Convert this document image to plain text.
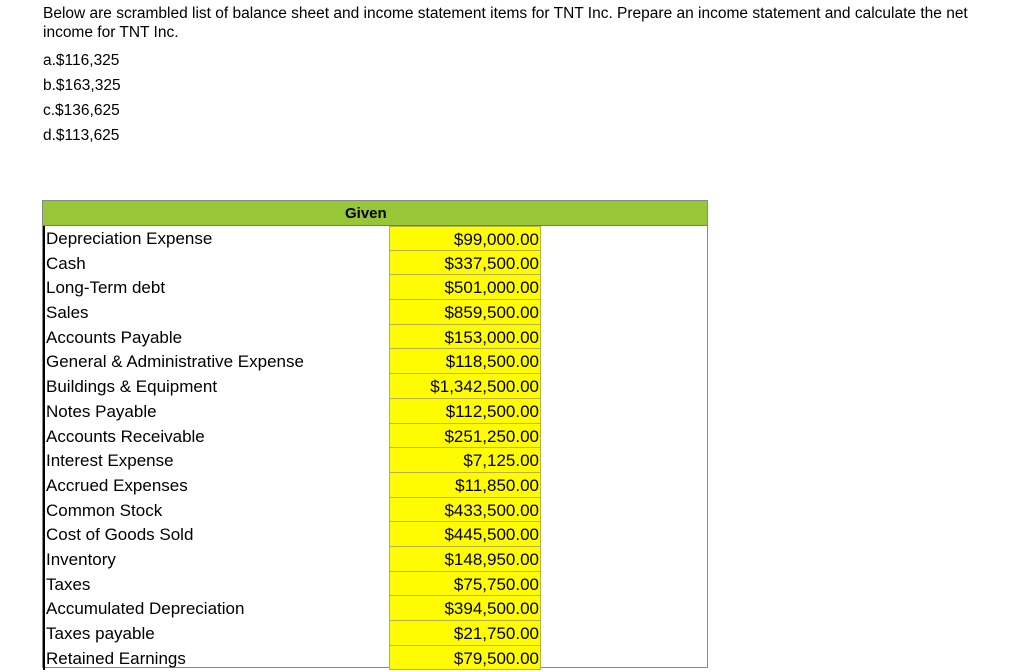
Below are scrambled list of balance sheet and income statement items for TNT Inc. Prepare an income statement and calculate the net income for TNT Inc.
a.$116,325
b.$163,325
c.$136,625
d.$113,625
Given
Depreciation Expense	$99,000.00
Cash	$337,500.00
Long-Term debt	$501,000.00
Sales	$859,500.00
Accounts Payable	$153,000.00
General & Administrative Expense	$118,500.00
Buildings & Equipment	$1,342,500.00
Notes Payable	$112,500.00
Accounts Receivable	$251,250.00
Interest Expense	$7,125.00
Accrued Expenses	$11,850.00
Common Stock	$433,500.00
Cost of Goods Sold	$445,500.00
Inventory	$148,950.00
Taxes	$75,750.00
Accumulated Depreciation	$394,500.00
Taxes payable	$21,750.00
Retained Earnings	$79,500.00
